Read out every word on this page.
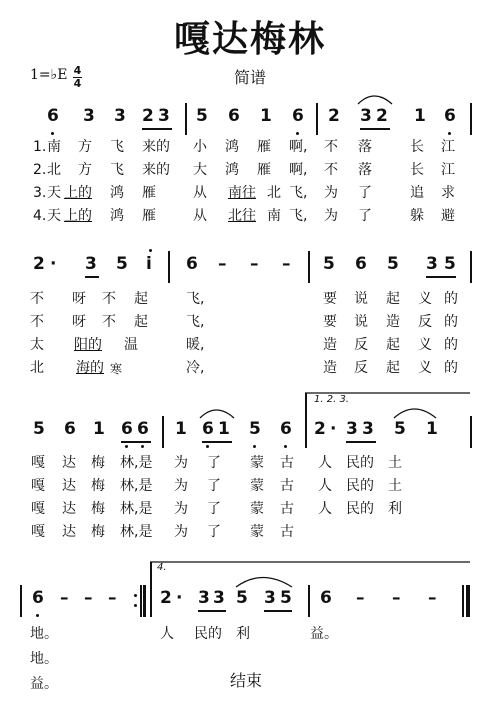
嘎达梅林
简谱
1=♭E 4
4
6 3 3 2 3 5 6 1 6 2 3 2 1 6
1. 南 方 飞 来的 小 鸿 雁 啊, 不 落	长 江
2. 北 方 飞 来的 大 鸿 雁 啊, 不 落	长 江
3. 天 上的 鸿 雁	从 南往 北 飞, 为 了	追 求
4. 天 上的 鸿 雁	从 北往 南 飞, 为 了	躲 避
2 · 3 5 i 6 – – – 5 6 5 3 5
不 呀 不 起	飞,	要 说 起 义 的
不 呀 不 起	飞,	要 说 造 反 的
太 阳的 温	暖,	造 反 起 义 的
北 海的 寒	冷,	造 反 起 义 的
1. 2. 3.
5 6 1 6 6 1 6 1 5 6 2 · 3 3 5 1
嘎 达 梅 林,是 为 了 蒙 古 人 民的 土
嘎 达 梅 林,是 为 了 蒙 古 人 民的 土
嘎 达 梅 林,是 为 了 蒙 古 人 民的 利
嘎 达 梅 林,是 为 了 蒙 古
4.
6 – – –	2 · 3 3 5 3 5 6 – – –
地。	人 民的 利	益。
地。
益。	结束
